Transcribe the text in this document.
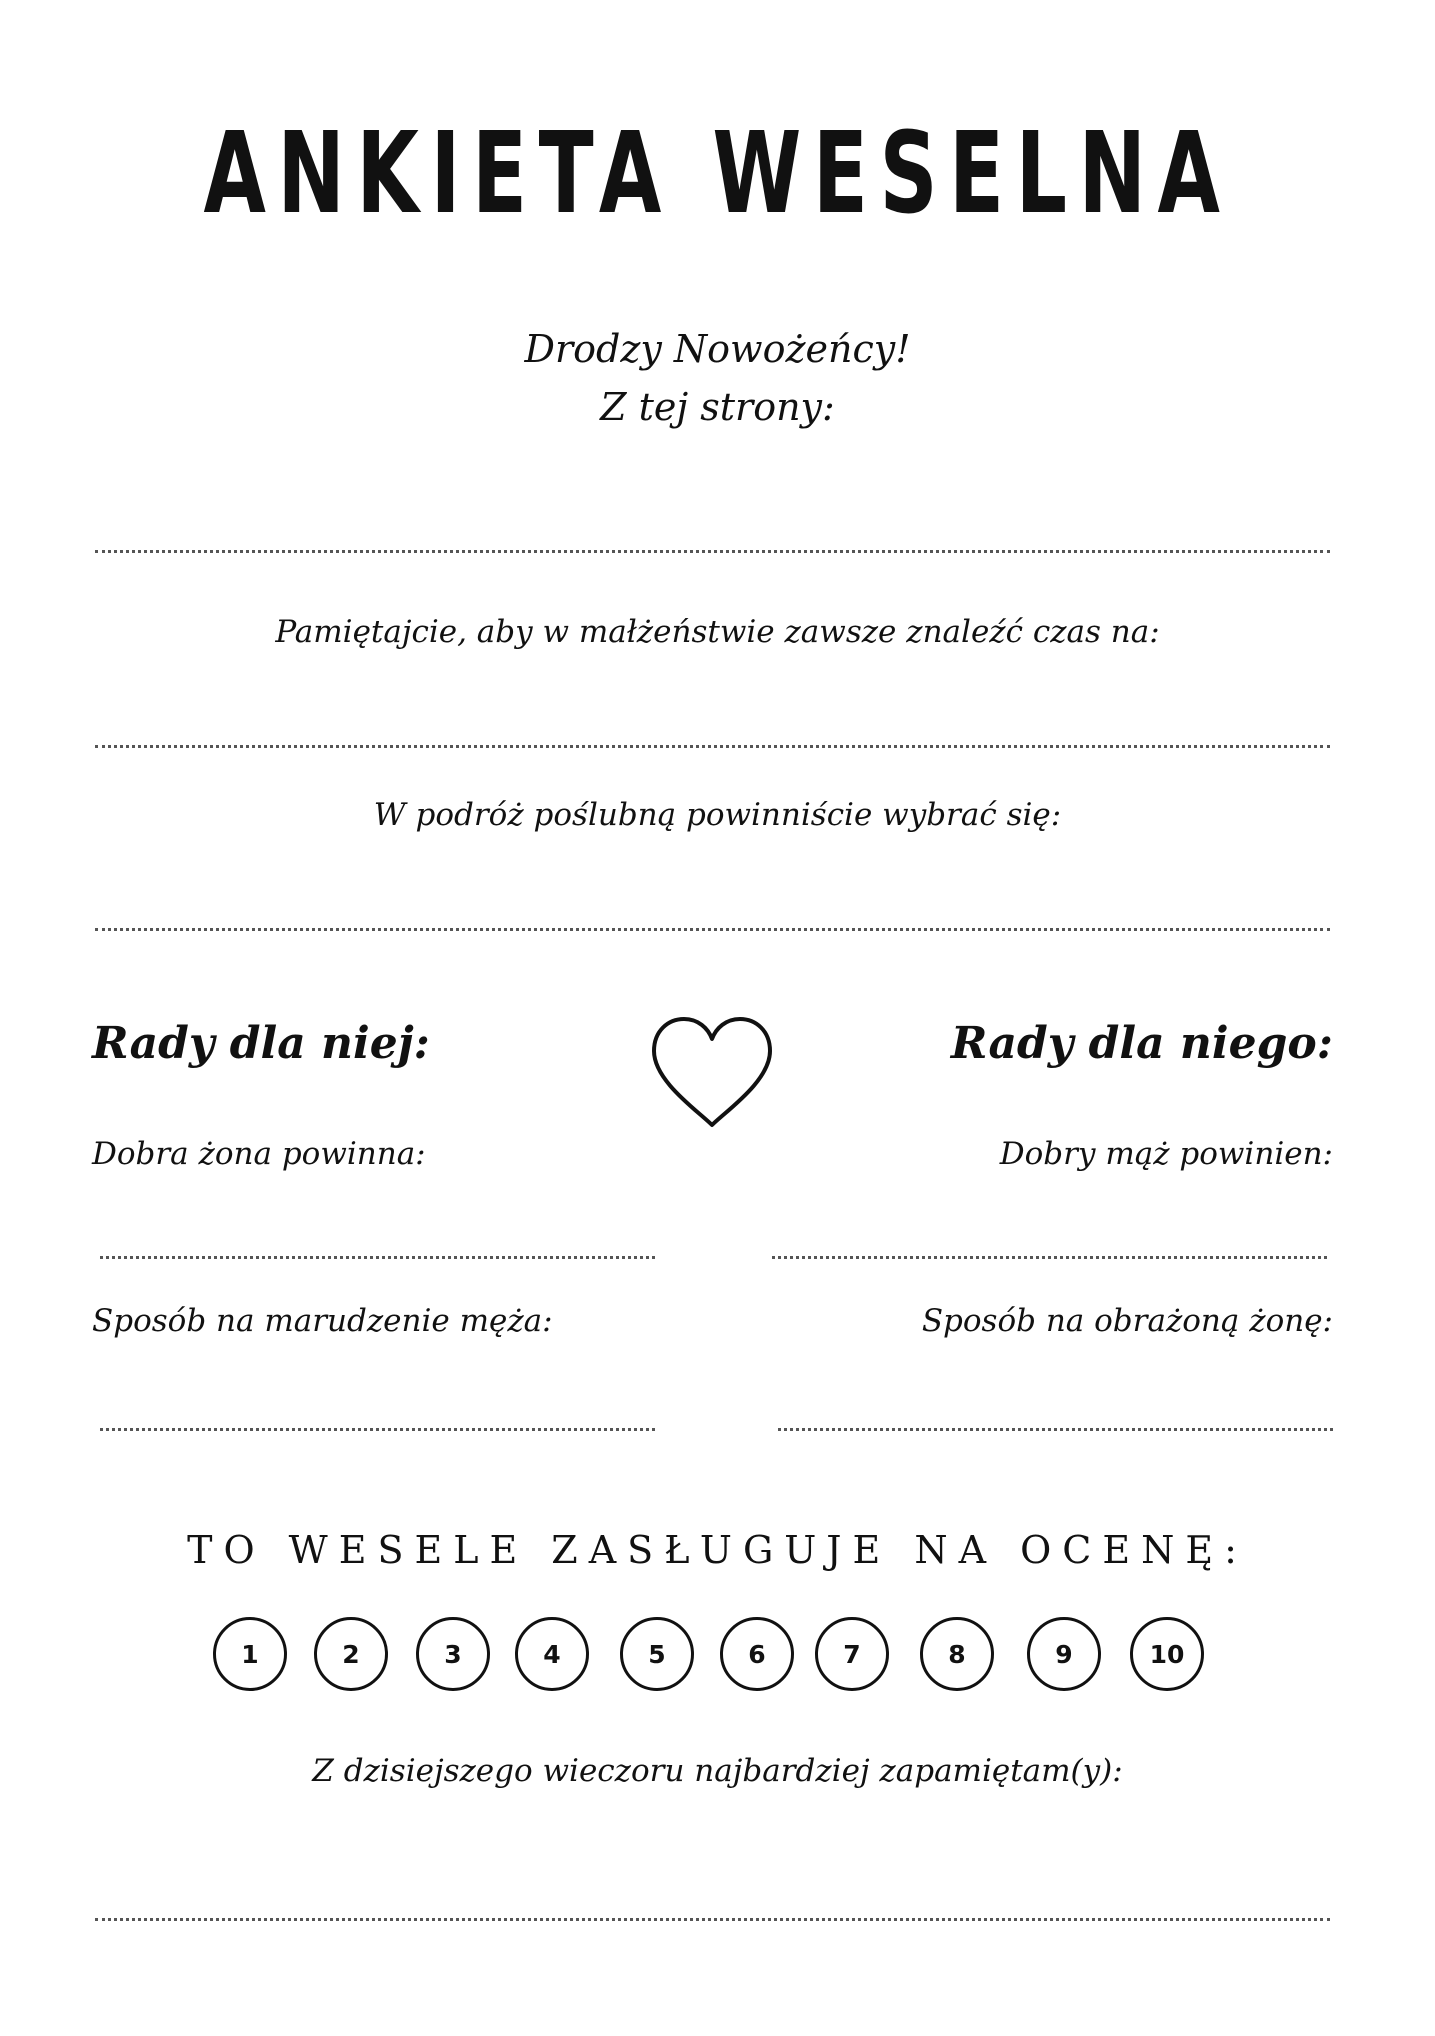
ANKIETA WESELNA
Drodzy Nowożeńcy!
Z tej strony:
Pamiętajcie, aby w małżeństwie zawsze znaleźć czas na:
W podróż poślubną powinniście wybrać się:
Rady dla niej:
Dobra żona powinna:
Sposób na marudzenie męża:
Rady dla niego:
Dobry mąż powinien:
Sposób na obrażoną żonę:
TO WESELE ZASŁUGUJE NA OCENĘ:
1	2	3	4	5	6	7	8	9	10
Z dzisiejszego wieczoru najbardziej zapamiętam(y):
